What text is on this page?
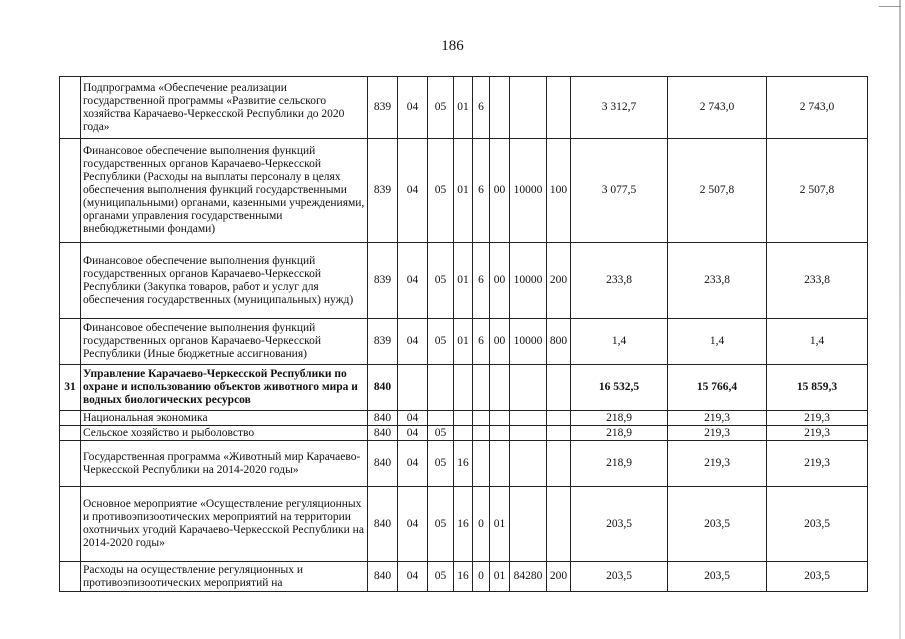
186
	Подпрограмма «Обеспечение реализации государственной программы «Развитие сельского хозяйства Карачаево-Черкесской Республики до 2020 года»	839	04	05	01	6				3 312,7	2 743,0	2 743,0
	Финансовое обеспечение выполнения функций государственных органов Карачаево-Черкесской Республики (Расходы на выплаты персоналу в целях обеспечения выполнения функций государственными (муниципальными) органами, казенными учреждениями, органами управления государственными внебюджетными фондами)	839	04	05	01	6	00	10000	100	3 077,5	2 507,8	2 507,8
	Финансовое обеспечение выполнения функций государственных органов Карачаево-Черкесской Республики (Закупка товаров, работ и услуг для обеспечения государственных (муниципальных) нужд)	839	04	05	01	6	00	10000	200	233,8	233,8	233,8
	Финансовое обеспечение выполнения функций государственных органов Карачаево-Черкесской Республики (Иные бюджетные ассигнования)	839	04	05	01	6	00	10000	800	1,4	1,4	1,4
31	Управление Карачаево-Черкесской Республики по охране и использованию объектов животного мира и водных биологических ресурсов	840								16 532,5	15 766,4	15 859,3
	Национальная экономика	840	04							218,9	219,3	219,3
	Сельское хозяйство и рыболовство	840	04	05						218,9	219,3	219,3
	Государственная программа «Животный мир Карачаево-Черкесской Республики на 2014-2020 годы»	840	04	05	16					218,9	219,3	219,3
	Основное мероприятие «Осуществление регуляционных и противоэпизоотических мероприятий на территории охотничьих угодий Карачаево-Черкесской Республики на 2014-2020 годы»	840	04	05	16	0	01			203,5	203,5	203,5
	Расходы на осуществление регуляционных и противоэпизоотических мероприятий на	840	04	05	16	0	01	84280	200	203,5	203,5	203,5
